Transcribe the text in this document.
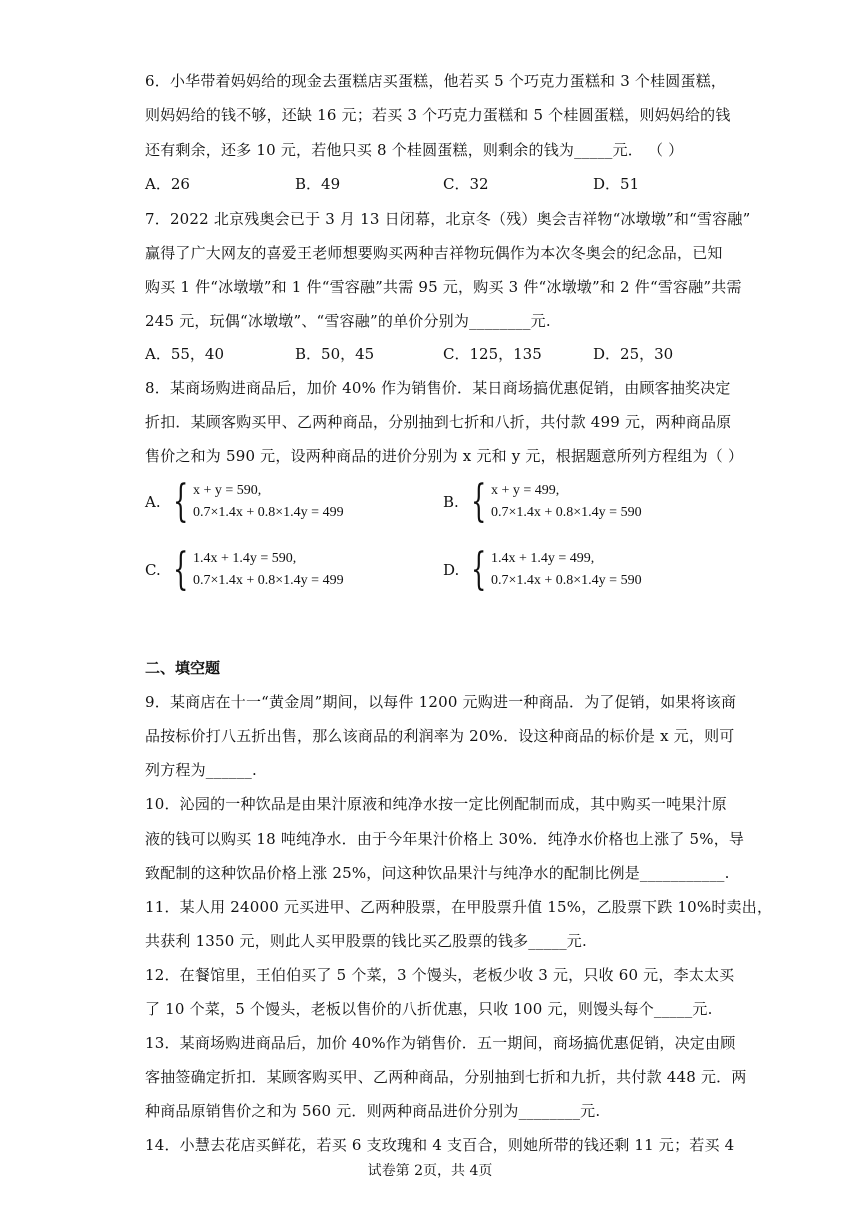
6．小华带着妈妈给的现金去蛋糕店买蛋糕，他若买 5 个巧克力蛋糕和 3 个桂圆蛋糕，
则妈妈给的钱不够，还缺 16 元；若买 3 个巧克力蛋糕和 5 个桂圆蛋糕，则妈妈给的钱
还有剩余，还多 10 元，若他只买 8 个桂圆蛋糕，则剩余的钱为_____元． （ ）
A．26	B．49	C．32	D．51
7．2022 北京残奥会已于 3 月 13 日闭幕，北京冬（残）奥会吉祥物“冰墩墩”和“雪容融”
赢得了广大网友的喜爱王老师想要购买两种吉祥物玩偶作为本次冬奥会的纪念品，已知
购买 1 件“冰墩墩”和 1 件“雪容融”共需 95 元，购买 3 件“冰墩墩”和 2 件“雪容融”共需
245 元，玩偶“冰墩墩”、“雪容融”的单价分别为________元.
A．55，40	B．50，45	C．125，135	D．25，30
8．某商场购进商品后，加价 40% 作为销售价．某日商场搞优惠促销，由顾客抽奖决定
折扣．某顾客购买甲、乙两种商品，分别抽到七折和八折，共付款 499 元，两种商品原
售价之和为 590 元，设两种商品的进价分别为 x 元和 y 元，根据题意所列方程组为（ ）
A. { x + y = 590,
0.7×1.4x + 0.8×1.4y = 499
B. { x + y = 499,
0.7×1.4x + 0.8×1.4y = 590
C. { 1.4x + 1.4y = 590,
0.7×1.4x + 0.8×1.4y = 499
D. { 1.4x + 1.4y = 499,
0.7×1.4x + 0.8×1.4y = 590
二、填空题
9．某商店在十一“黄金周”期间，以每件 1200 元购进一种商品．为了促销，如果将该商
品按标价打八五折出售，那么该商品的利润率为 20%．设这种商品的标价是 x 元，则可
列方程为______.
10．沁园的一种饮品是由果汁原液和纯净水按一定比例配制而成，其中购买一吨果汁原
液的钱可以购买 18 吨纯净水．由于今年果汁价格上 30%．纯净水价格也上涨了 5%，导
致配制的这种饮品价格上涨 25%，问这种饮品果汁与纯净水的配制比例是___________.
11．某人用 24000 元买进甲、乙两种股票，在甲股票升值 15%，乙股票下跌 10%时卖出，
共获利 1350 元，则此人买甲股票的钱比买乙股票的钱多_____元.
12．在餐馆里，王伯伯买了 5 个菜，3 个馒头，老板少收 3 元，只收 60 元，李太太买
了 10 个菜，5 个馒头，老板以售价的八折优惠，只收 100 元，则馒头每个_____元.
13．某商场购进商品后，加价 40%作为销售价．五一期间，商场搞优惠促销，决定由顾
客抽签确定折扣．某顾客购买甲、乙两种商品，分别抽到七折和九折，共付款 448 元．两
种商品原销售价之和为 560 元．则两种商品进价分别为________元.
14．小慧去花店买鲜花，若买 6 支玫瑰和 4 支百合，则她所带的钱还剩 11 元；若买 4
试卷第 2页，共 4页
